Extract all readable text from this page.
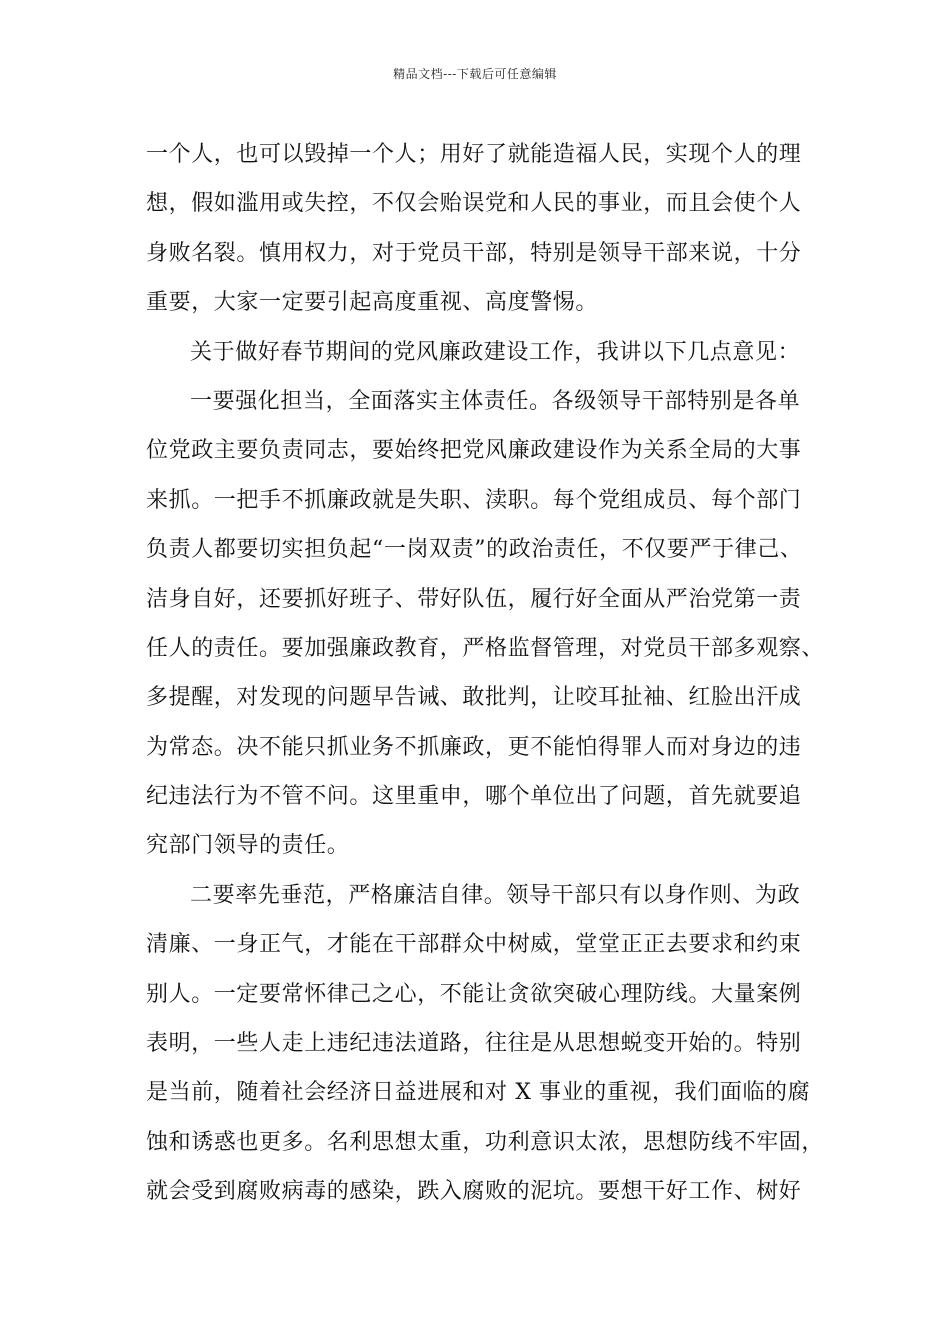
精品文档---下载后可任意编辑
一个人，也可以毁掉一个人；用好了就能造福人民，实现个人的理
想，假如滥用或失控，不仅会贻误党和人民的事业，而且会使个人
身败名裂。慎用权力，对于党员干部，特别是领导干部来说，十分
重要，大家一定要引起高度重视、高度警惕。
关于做好春节期间的党风廉政建设工作，我讲以下几点意见：
一要强化担当，全面落实主体责任。各级领导干部特别是各单
位党政主要负责同志，要始终把党风廉政建设作为关系全局的大事
来抓。一把手不抓廉政就是失职、渎职。每个党组成员、每个部门
负责人都要切实担负起“一岗双责”的政治责任，不仅要严于律己、
洁身自好，还要抓好班子、带好队伍，履行好全面从严治党第一责
任人的责任。要加强廉政教育，严格监督管理，对党员干部多观察、
多提醒，对发现的问题早告诫、敢批判，让咬耳扯袖、红脸出汗成
为常态。决不能只抓业务不抓廉政，更不能怕得罪人而对身边的违
纪违法行为不管不问。这里重申，哪个单位出了问题，首先就要追
究部门领导的责任。
二要率先垂范，严格廉洁自律。领导干部只有以身作则、为政
清廉、一身正气，才能在干部群众中树威，堂堂正正去要求和约束
别人。一定要常怀律己之心，不能让贪欲突破心理防线。大量案例
表明，一些人走上违纪违法道路，往往是从思想蜕变开始的。特别
是当前，随着社会经济日益进展和对 X 事业的重视，我们面临的腐
蚀和诱惑也更多。名利思想太重，功利意识太浓，思想防线不牢固，
就会受到腐败病毒的感染，跌入腐败的泥坑。要想干好工作、树好
